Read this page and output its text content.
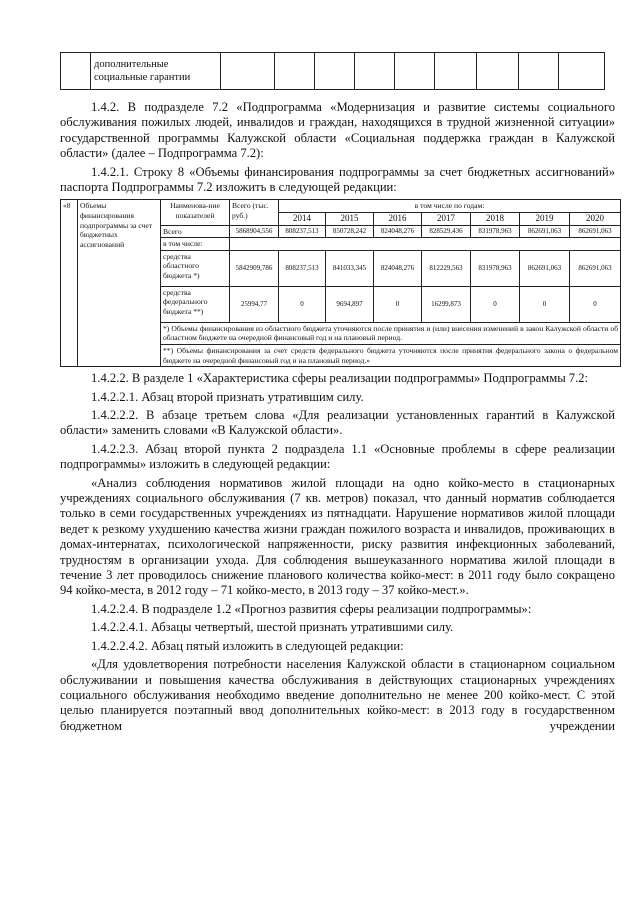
	дополнительные социальные гарантии									

1.4.2. В подразделе 7.2 «Подпрограмма «Модернизация и развитие системы социального обслуживания пожилых людей, инвалидов и граждан, находящихся в трудной жизненной ситуации» государственной программы Калужской области «Социальная поддержка граждан в Калужской области» (далее – Подпрограмма 7.2):

1.4.2.1. Строку 8 «Объемы финансирования подпрограммы за счет бюджетных ассигнований» паспорта Подпрограммы 7.2 изложить в следующей редакции:

«8	Объемы финансирования подпрограммы за счет бюджетных ассигнований	Наименова-ние показателей	Всего (тыс. руб.)	в том числе по годам:						
				2014	2015	2016	2017	2018	2019	2020
		Всего	5868904,556	808237,513	850728,242	824048,276	828529,436	831978,963	862691,063	862691,063
		в том числе:								
		средства областного бюджета *)	5842909,786	808237,513	841033,345	824048,276	812229,563	831978,963	862691,063	862691,063
		средства федерального бюджета **)	25994,77	0	9694,897	0	16299,873	0	0	0
		*) Объемы финансирования из областного бюджета уточняются после принятия и (или) внесения изменений в закон Калужской области об областном бюджете на очередной финансовый год и на плановый период.								
		**) Объемы финансирования за счет средств федерального бюджета уточняются после принятия федерального закона о федеральном бюджете на очередной финансовый год и на плановый период.»								

1.4.2.2. В разделе 1 «Характеристика сферы реализации подпрограммы» Подпрограммы 7.2:

1.4.2.2.1. Абзац второй признать утратившим силу.

1.4.2.2.2. В абзаце третьем слова «Для реализации установленных гарантий в Калужской области» заменить словами «В Калужской области».

1.4.2.2.3. Абзац второй пункта 2 подраздела 1.1 «Основные проблемы в сфере реализации подпрограммы» изложить в следующей редакции:

«Анализ соблюдения нормативов жилой площади на одно койко-место в стационарных учреждениях социального обслуживания (7 кв. метров) показал, что данный норматив соблюдается только в семи государственных учреждениях из пятнадцати. Нарушение нормативов жилой площади ведет к резкому ухудшению качества жизни граждан пожилого возраста и инвалидов, проживающих в домах-интернатах, психологической напряженности, риску развития инфекционных заболеваний, трудностям в организации ухода. Для соблюдения вышеуказанного норматива жилой площади в течение 3 лет проводилось снижение планового количества койко-мест: в 2011 году было сокращено 94 койко-места, в 2012 году – 71 койко-место, в 2013 году – 37 койко-мест.».

1.4.2.2.4. В подразделе 1.2 «Прогноз развития сферы реализации подпрограммы»:

1.4.2.2.4.1. Абзацы четвертый, шестой признать утратившими силу.

1.4.2.2.4.2. Абзац пятый изложить в следующей редакции:

«Для удовлетворения потребности населения Калужской области в стационарном социальном обслуживании и повышения качества обслуживания в действующих стационарных учреждениях социального обслуживания необходимо введение дополнительно не менее 200 койко-мест. С этой целью планируется поэтапный ввод дополнительных койко-мест: в 2013 году в государственном бюджетном учреждении
